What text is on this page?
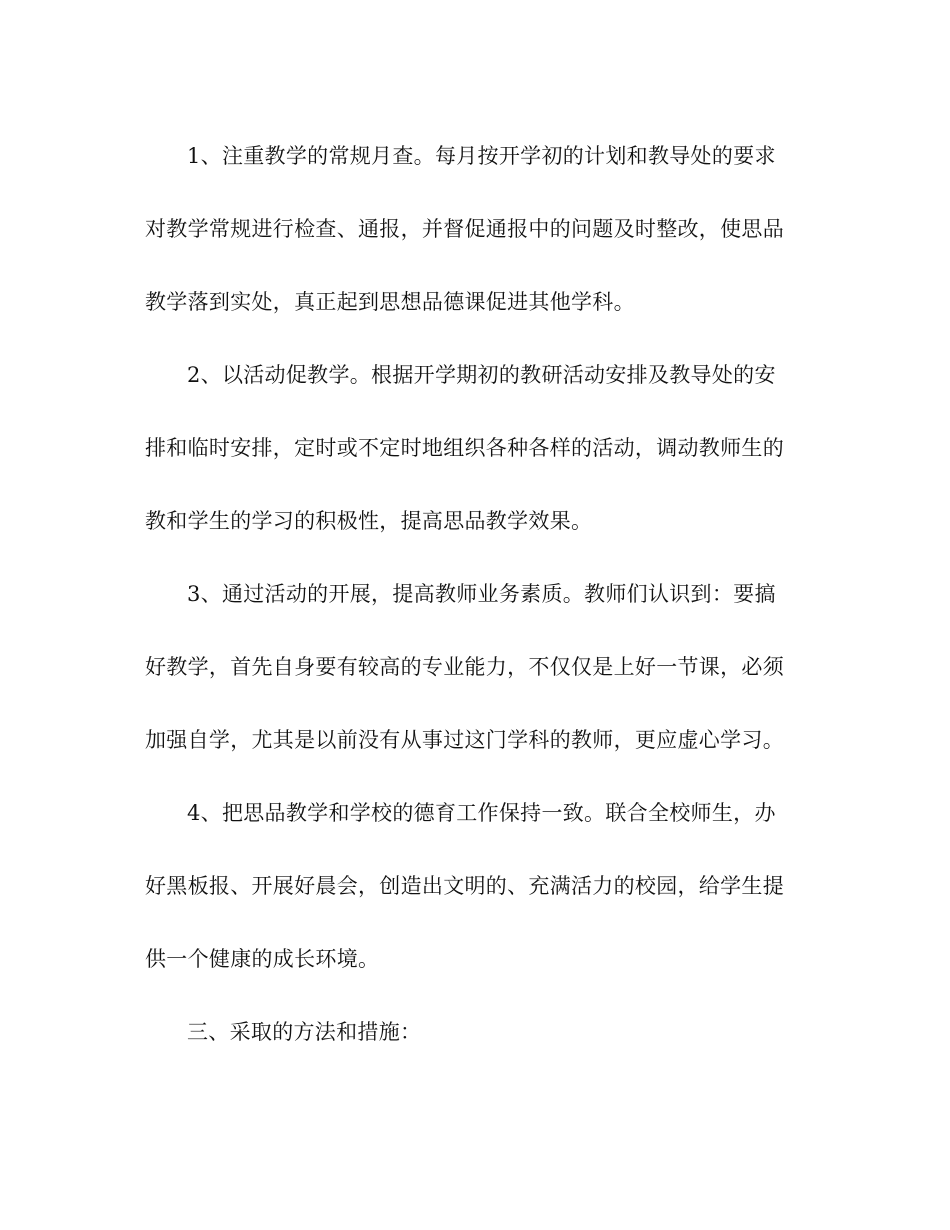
1、注重教学的常规月查。每月按开学初的计划和教导处的要求
对教学常规进行检查、通报，并督促通报中的问题及时整改，使思品
教学落到实处，真正起到思想品德课促进其他学科。

2、以活动促教学。根据开学期初的教研活动安排及教导处的安
排和临时安排，定时或不定时地组织各种各样的活动，调动教师生的
教和学生的学习的积极性，提高思品教学效果。

3、通过活动的开展，提高教师业务素质。教师们认识到：要搞
好教学，首先自身要有较高的专业能力，不仅仅是上好一节课，必须
加强自学，尤其是以前没有从事过这门学科的教师，更应虚心学习。

4、把思品教学和学校的德育工作保持一致。联合全校师生，办
好黑板报、开展好晨会，创造出文明的、充满活力的校园，给学生提
供一个健康的成长环境。

三、采取的方法和措施：
